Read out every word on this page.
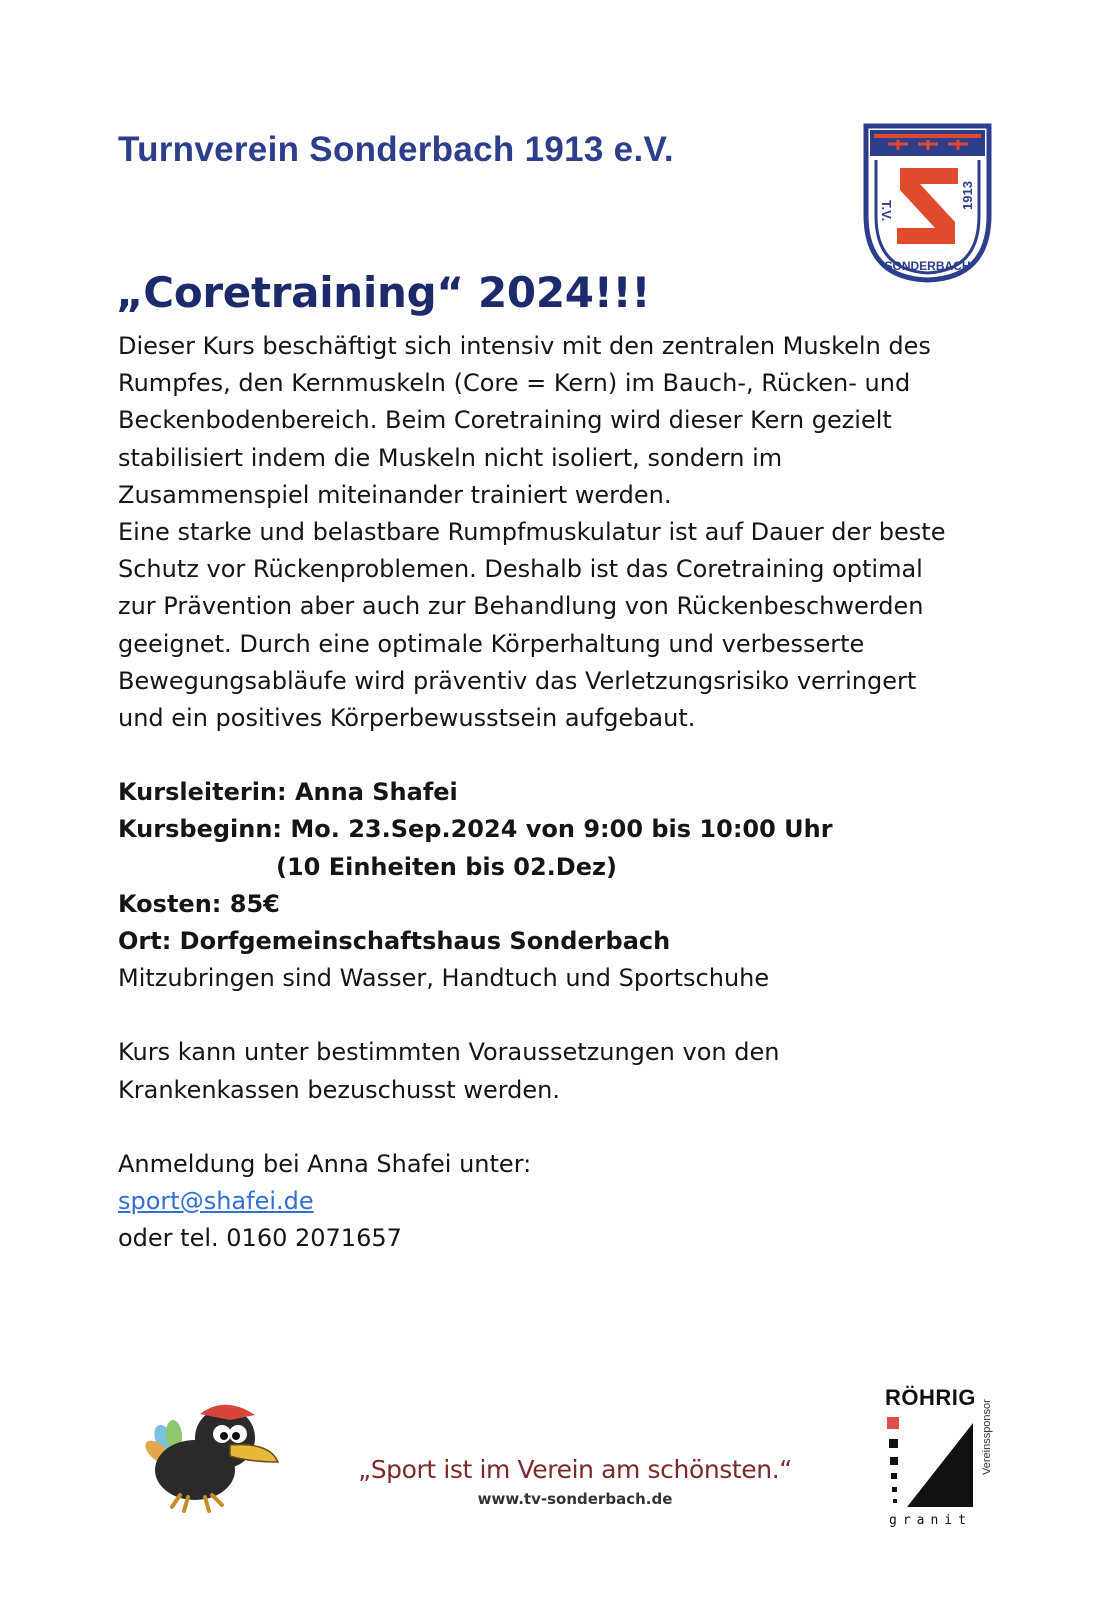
Turnverein Sonderbach 1913 e.V.
T.V.
1913
SONDERBACH
„Coretraining“ 2024!!!
Dieser Kurs beschäftigt sich intensiv mit den zentralen Muskeln des
Rumpfes, den Kernmuskeln (Core = Kern) im Bauch-, Rücken- und
Beckenbodenbereich. Beim Coretraining wird dieser Kern gezielt
stabilisiert indem die Muskeln nicht isoliert, sondern im
Zusammenspiel miteinander trainiert werden.
Eine starke und belastbare Rumpfmuskulatur ist auf Dauer der beste
Schutz vor Rückenproblemen. Deshalb ist das Coretraining optimal
zur Prävention aber auch zur Behandlung von Rückenbeschwerden
geeignet. Durch eine optimale Körperhaltung und verbesserte
Bewegungsabläufe wird präventiv das Verletzungsrisiko verringert
und ein positives Körperbewusstsein aufgebaut.
Kursleiterin: Anna Shafei
Kursbeginn: Mo. 23.Sep.2024 von 9:00 bis 10:00 Uhr
(10 Einheiten bis 02.Dez)
Kosten: 85€
Ort: Dorfgemeinschaftshaus Sonderbach
Mitzubringen sind Wasser, Handtuch und Sportschuhe
Kurs kann unter bestimmten Voraussetzungen von den
Krankenkassen bezuschusst werden.
Anmeldung bei Anna Shafei unter:
sport@shafei.de
oder tel. 0160 2071657
„Sport ist im Verein am schönsten.“
www.tv-sonderbach.de
RÖHRIG
granit
Vereinssponsor
